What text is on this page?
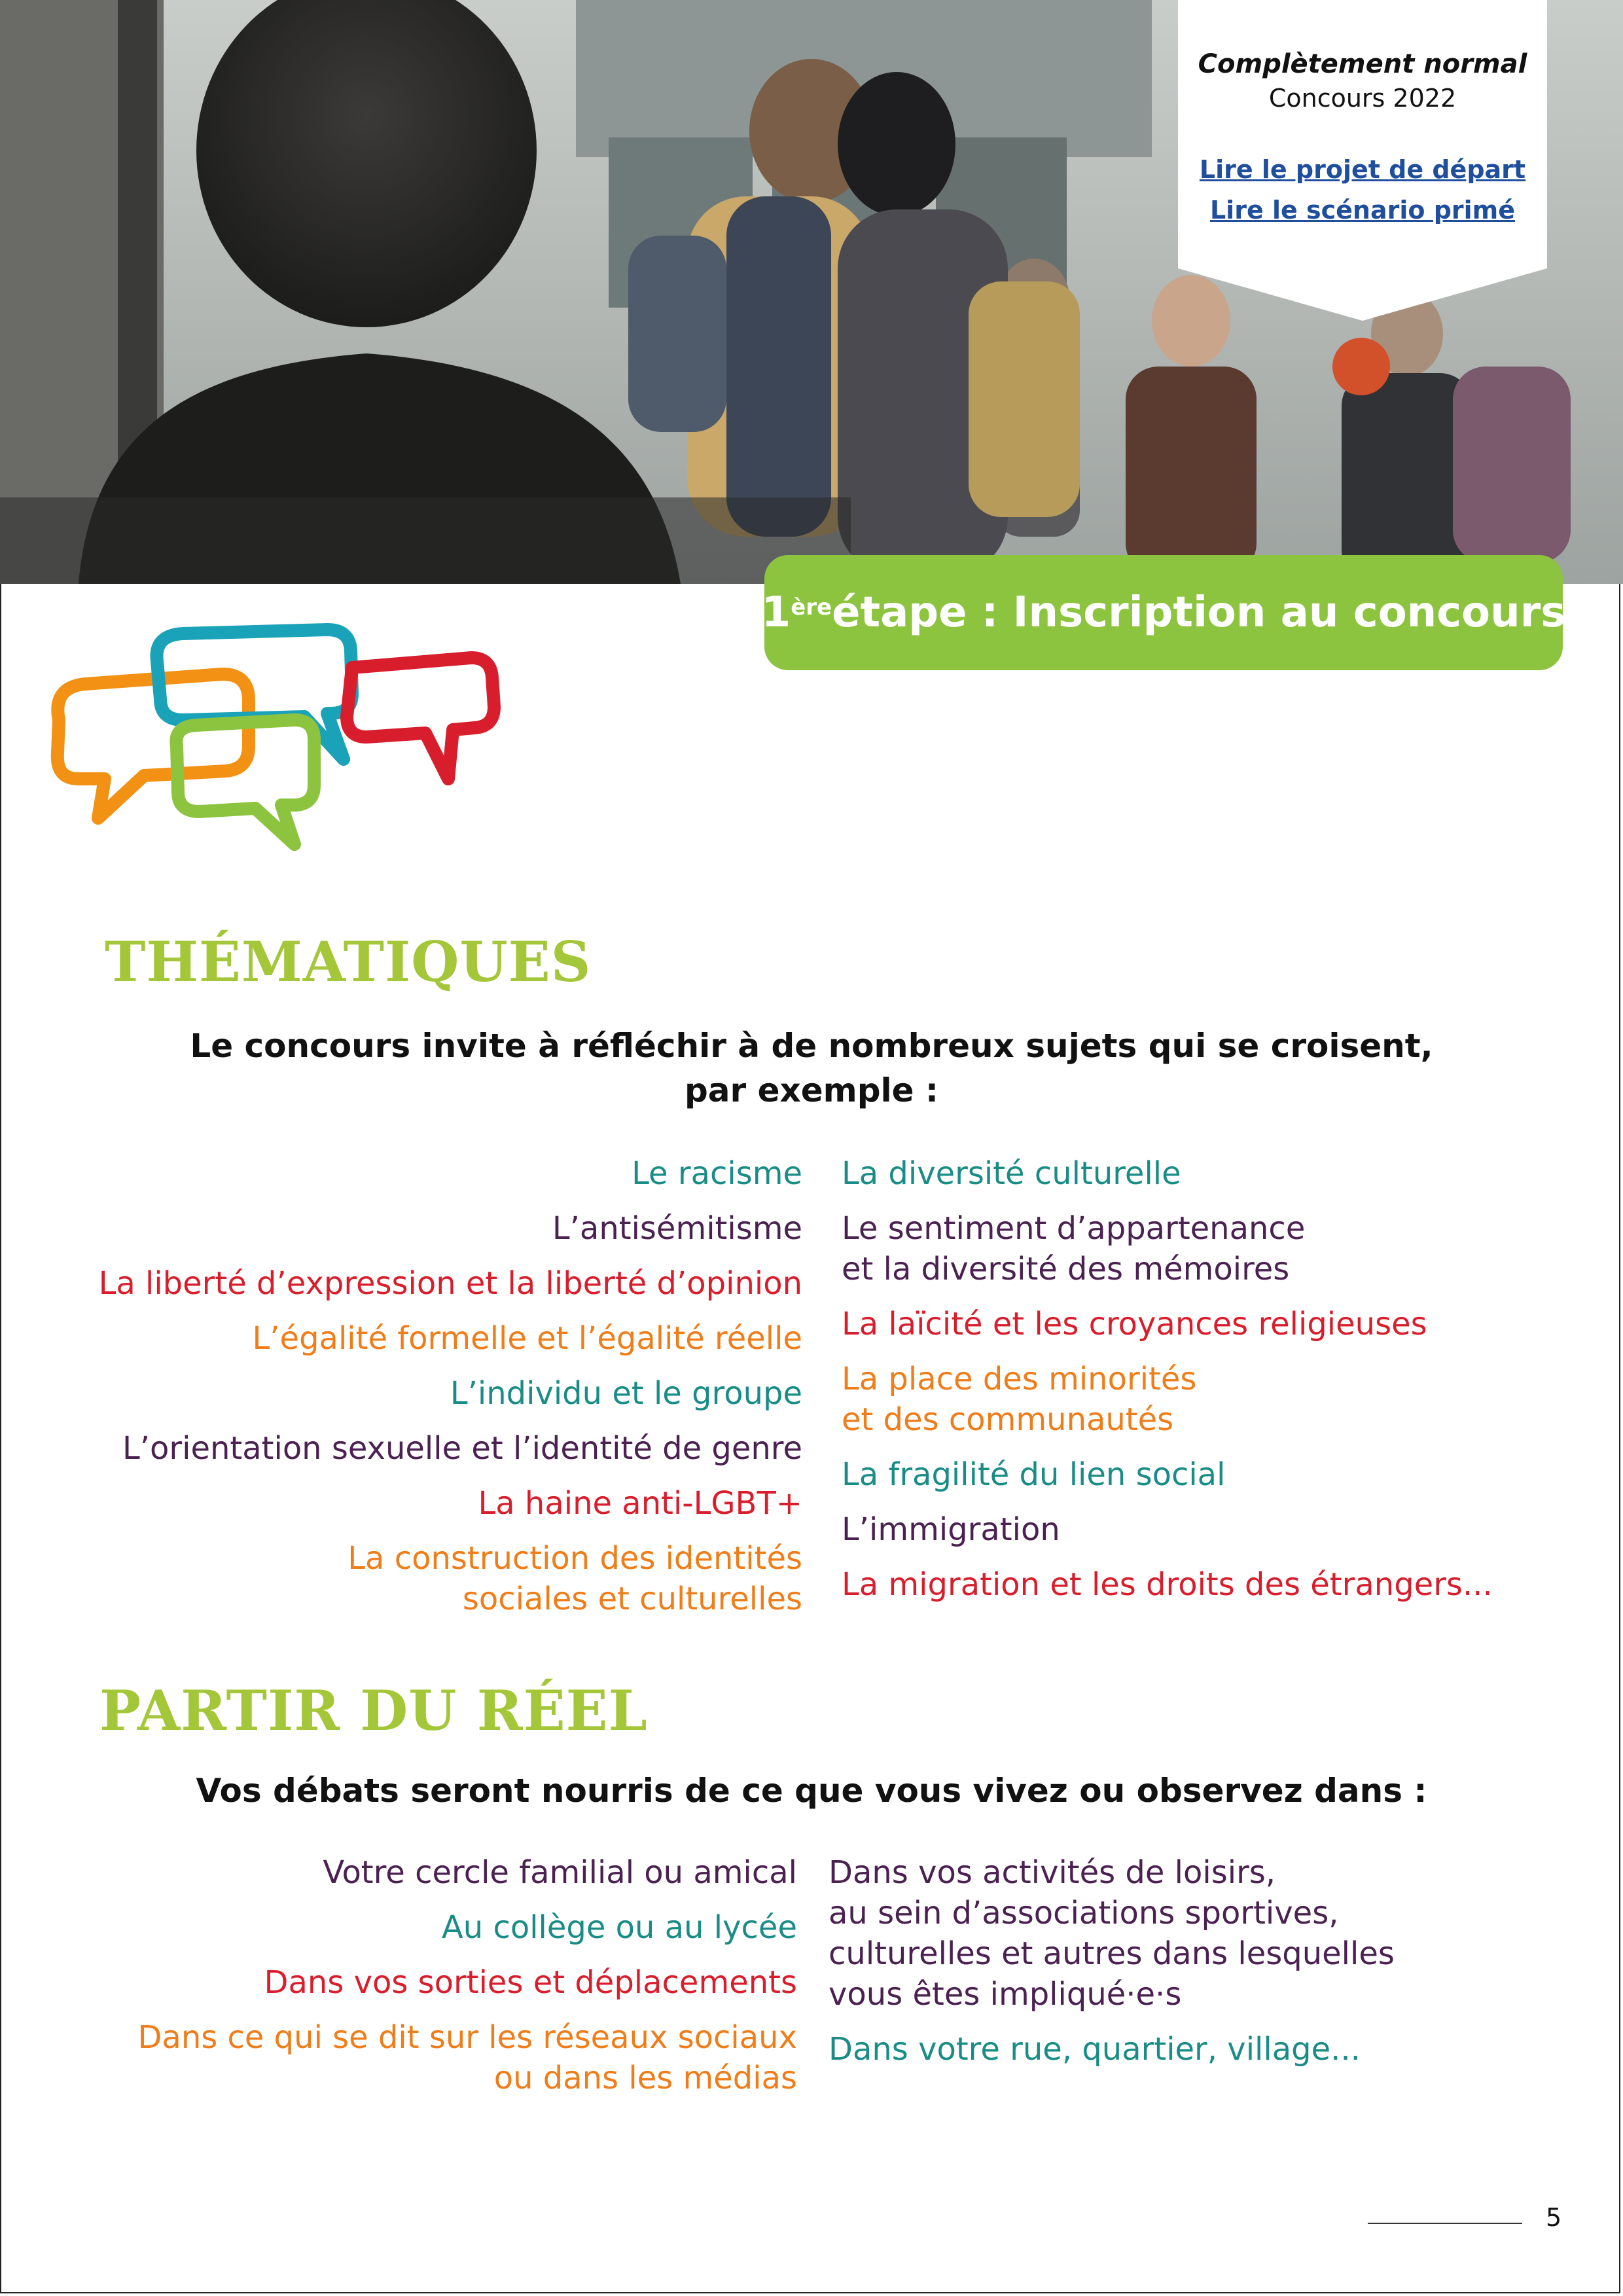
Complètement normal
Concours 2022
Lire le projet de départ
Lire le scénario primé
1ère étape : Inscription au concours
THÉMATIQUES
Le concours invite à réfléchir à de nombreux sujets qui se croisent,
par exemple :
Le racisme
L’antisémitisme
La liberté d’expression et la liberté d’opinion
L’égalité formelle et l’égalité réelle
L’individu et le groupe
L’orientation sexuelle et l’identité de genre
La haine anti-LGBT+
La construction des identités
sociales et culturelles
La diversité culturelle
Le sentiment d’appartenance
et la diversité des mémoires
La laïcité et les croyances religieuses
La place des minorités
et des communautés
La fragilité du lien social
L’immigration
La migration et les droits des étrangers...
PARTIR DU RÉEL
Vos débats seront nourris de ce que vous vivez ou observez dans :
Votre cercle familial ou amical
Au collège ou au lycée
Dans vos sorties et déplacements
Dans ce qui se dit sur les réseaux sociaux
ou dans les médias
Dans vos activités de loisirs,
au sein d’associations sportives,
culturelles et autres dans lesquelles
vous êtes impliqué·e·s
Dans votre rue, quartier, village...
5
